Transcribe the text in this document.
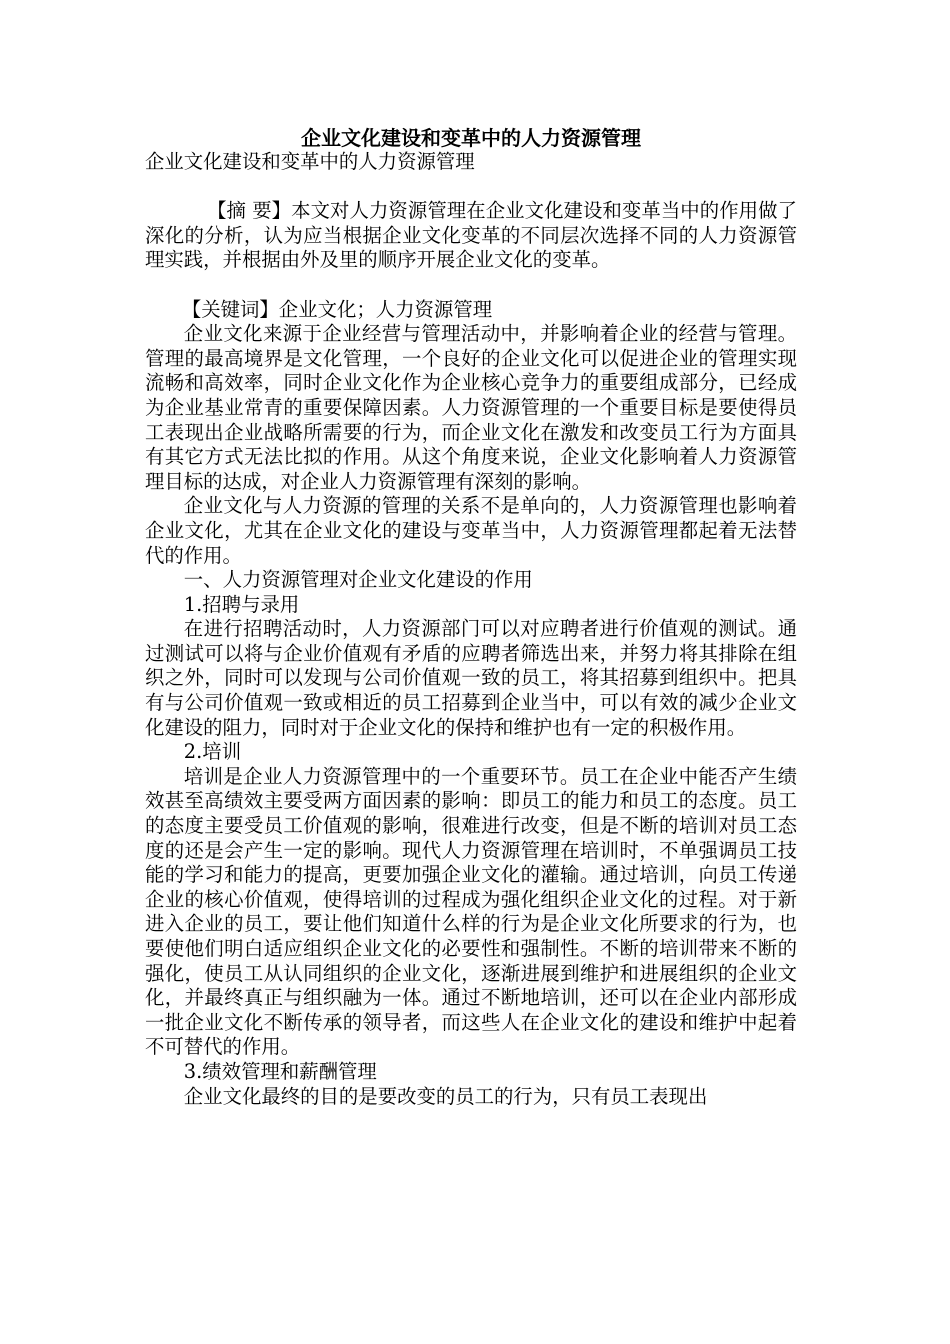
企业文化建设和变革中的人力资源管理

企业文化建设和变革中的人力资源管理

【摘 要】本文对人力资源管理在企业文化建设和变革当中的作用做了深化的分析，认为应当根据企业文化变革的不同层次选择不同的人力资源管理实践，并根据由外及里的顺序开展企业文化的变革。

【关键词】企业文化；人力资源管理

企业文化来源于企业经营与管理活动中，并影响着企业的经营与管理。管理的最高境界是文化管理，一个良好的企业文化可以促进企业的管理实现流畅和高效率，同时企业文化作为企业核心竞争力的重要组成部分，已经成为企业基业常青的重要保障因素。人力资源管理的一个重要目标是要使得员工表现出企业战略所需要的行为，而企业文化在激发和改变员工行为方面具有其它方式无法比拟的作用。从这个角度来说，企业文化影响着人力资源管理目标的达成，对企业人力资源管理有深刻的影响。

企业文化与人力资源的管理的关系不是单向的，人力资源管理也影响着企业文化，尤其在企业文化的建设与变革当中，人力资源管理都起着无法替代的作用。

一、人力资源管理对企业文化建设的作用

1.招聘与录用

在进行招聘活动时，人力资源部门可以对应聘者进行价值观的测试。通过测试可以将与企业价值观有矛盾的应聘者筛选出来，并努力将其排除在组织之外，同时可以发现与公司价值观一致的员工，将其招募到组织中。把具有与公司价值观一致或相近的员工招募到企业当中，可以有效的减少企业文化建设的阻力，同时对于企业文化的保持和维护也有一定的积极作用。

2.培训

培训是企业人力资源管理中的一个重要环节。员工在企业中能否产生绩效甚至高绩效主要受两方面因素的影响：即员工的能力和员工的态度。员工的态度主要受员工价值观的影响，很难进行改变，但是不断的培训对员工态度的还是会产生一定的影响。现代人力资源管理在培训时，不单强调员工技能的学习和能力的提高，更要加强企业文化的灌输。通过培训，向员工传递企业的核心价值观，使得培训的过程成为强化组织企业文化的过程。对于新进入企业的员工，要让他们知道什么样的行为是企业文化所要求的行为，也要使他们明白适应组织企业文化的必要性和强制性。不断的培训带来不断的强化，使员工从认同组织的企业文化，逐渐进展到维护和进展组织的企业文化，并最终真正与组织融为一体。通过不断地培训，还可以在企业内部形成一批企业文化不断传承的领导者，而这些人在企业文化的建设和维护中起着不可替代的作用。

3.绩效管理和薪酬管理

企业文化最终的目的是要改变的员工的行为，只有员工表现出
